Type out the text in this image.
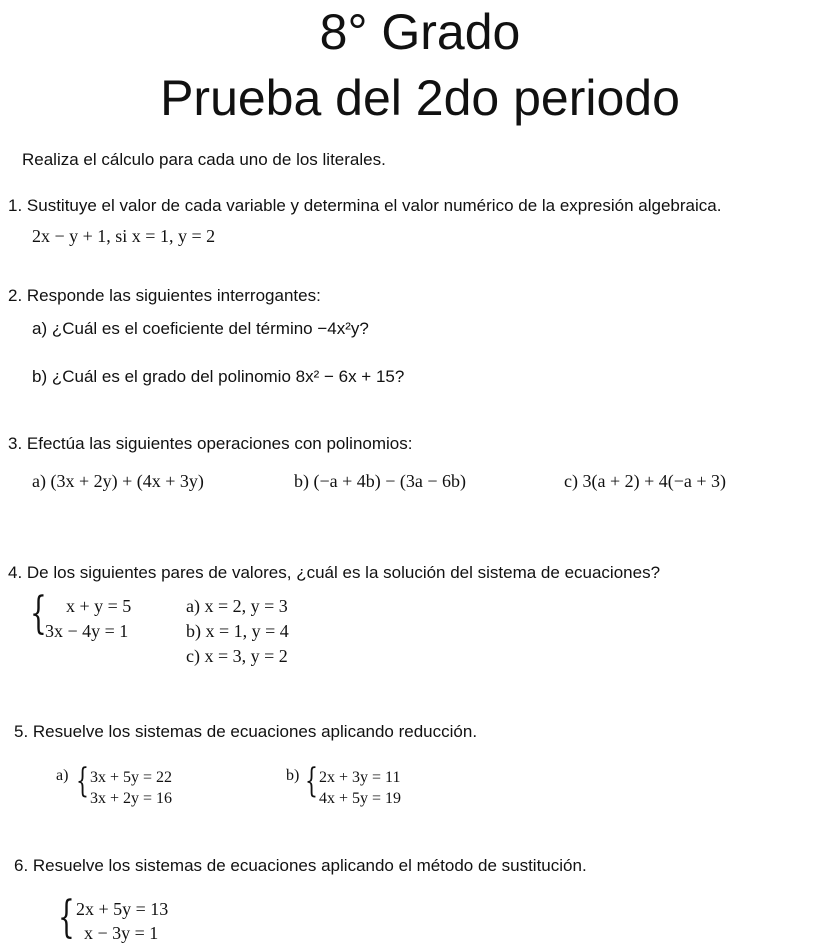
8° Grado
Prueba del 2do periodo
Realiza el cálculo para cada uno de los literales.
1. Sustituye el valor de cada variable y determina el valor numérico de la expresión algebraica.
2x − y + 1, si x = 1, y = 2
2. Responde las siguientes interrogantes:
a) ¿Cuál es el coeficiente del término −4x²y?
b) ¿Cuál es el grado del polinomio 8x² − 6x + 15?
3. Efectúa las siguientes operaciones con polinomios:
a) (3x + 2y) + (4x + 3y)	b) (−a + 4b) − (3a − 6b)	c) 3(a + 2) + 4(−a + 3)
4. De los siguientes pares de valores, ¿cuál es la solución del sistema de ecuaciones?
{ x + y = 5
3x − 4y = 1
a) x = 2, y = 3
b) x = 1, y = 4
c) x = 3, y = 2
5. Resuelve los sistemas de ecuaciones aplicando reducción.
a) { 3x + 5y = 22
3x + 2y = 16
b) { 2x + 3y = 11
4x + 5y = 19
6. Resuelve los sistemas de ecuaciones aplicando el método de sustitución.
{ 2x + 5y = 13
x − 3y = 1
